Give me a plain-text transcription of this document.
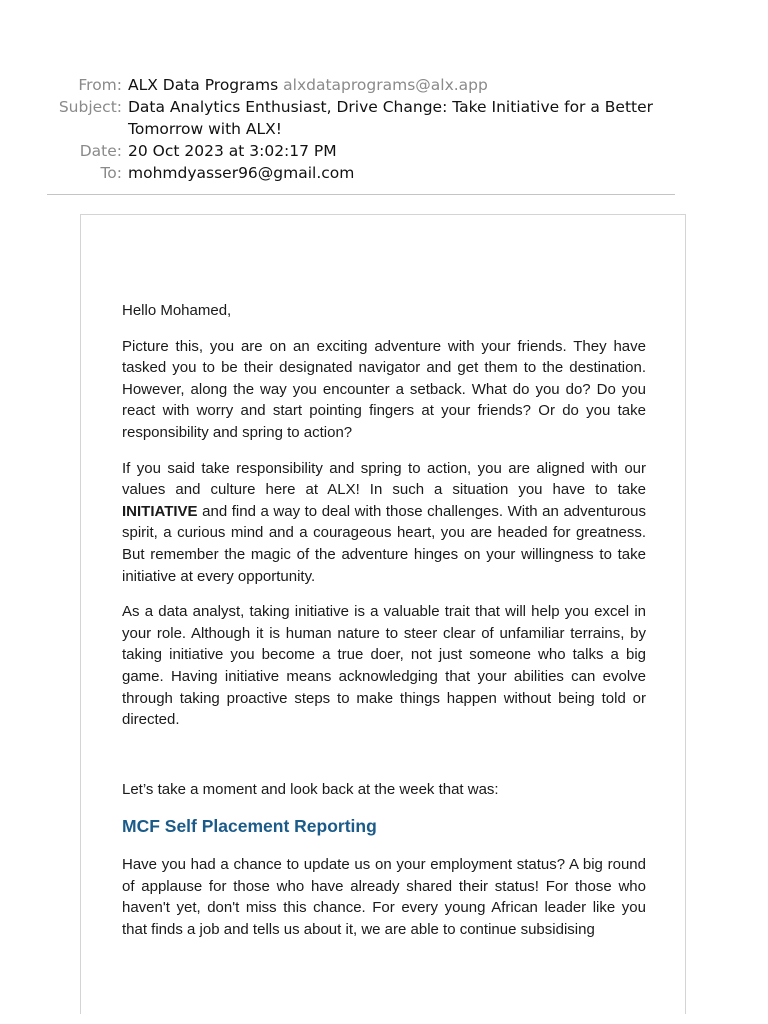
From: ALX Data Programs alxdataprograms@alx.app
Subject: Data Analytics Enthusiast, Drive Change: Take Initiative for a Better Tomorrow with ALX!
Date: 20 Oct 2023 at 3:02:17 PM
To: mohmdyasser96@gmail.com

Hello Mohamed,

Picture this, you are on an exciting adventure with your friends. They have tasked you to be their designated navigator and get them to the destination. However, along the way you encounter a setback. What do you do? Do you react with worry and start pointing fingers at your friends? Or do you take responsibility and spring to action?

If you said take responsibility and spring to action, you are aligned with our values and culture here at ALX! In such a situation you have to take INITIATIVE and find a way to deal with those challenges. With an adventurous spirit, a curious mind and a courageous heart, you are headed for greatness. But remember the magic of the adventure hinges on your willingness to take initiative at every opportunity.

As a data analyst, taking initiative is a valuable trait that will help you excel in your role. Although it is human nature to steer clear of unfamiliar terrains, by taking initiative you become a true doer, not just someone who talks a big game. Having initiative means acknowledging that your abilities can evolve through taking proactive steps to make things happen without being told or directed.

Let’s take a moment and look back at the week that was:

MCF Self Placement Reporting

Have you had a chance to update us on your employment status? A big round of applause for those who have already shared their status! For those who haven't yet, don't miss this chance. For every young African leader like you that finds a job and tells us about it, we are able to continue subsidising
